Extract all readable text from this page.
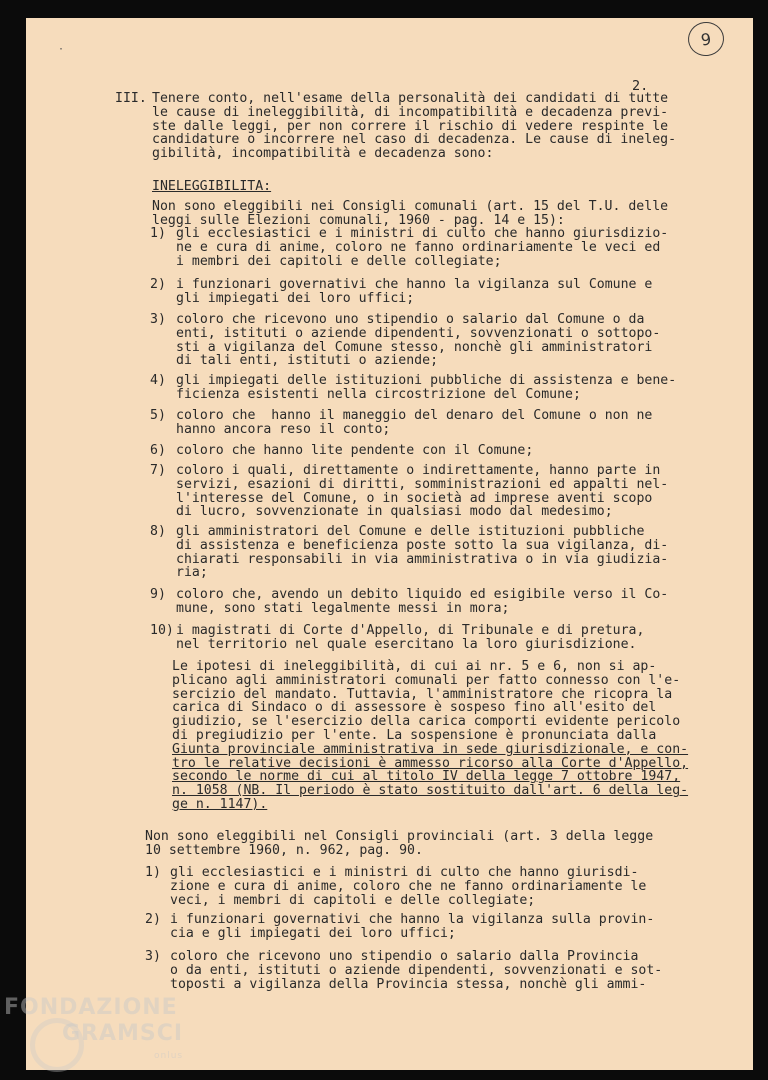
9
2.
·
III. Tenere conto, nell'esame della personalità dei candidati di tutte
le cause di ineleggibilità, di incompatibilità e decadenza previ-
ste dalle leggi, per non correre il rischio di vedere respinte le
candidature o incorrere nel caso di decadenza. Le cause di ineleg-
gibilità, incompatibilità e decadenza sono:
INELEGGIBILITA:
Non sono eleggibili nei Consigli comunali (art. 15 del T.U. delle
leggi sulle Elezioni comunali, 1960 - pag. 14 e 15):
1) gli ecclesiastici e i ministri di culto che hanno giurisdizio-
ne e cura di anime, coloro ne fanno ordinariamente le veci ed
i membri dei capitoli e delle collegiate;
2) i funzionari governativi che hanno la vigilanza sul Comune e
gli impiegati dei loro uffici;
3) coloro che ricevono uno stipendio o salario dal Comune o da
enti, istituti o aziende dipendenti, sovvenzionati o sottopo-
sti a vigilanza del Comune stesso, nonchè gli amministratori
di tali enti, istituti o aziende;
4) gli impiegati delle istituzioni pubbliche di assistenza e bene-
ficienza esistenti nella circostrizione del Comune;
5) coloro che  hanno il maneggio del denaro del Comune o non ne
hanno ancora reso il conto;
6) coloro che hanno lite pendente con il Comune;
7) coloro i quali, direttamente o indirettamente, hanno parte in
servizi, esazioni di diritti, somministrazioni ed appalti nel-
l'interesse del Comune, o in società ad imprese aventi scopo
di lucro, sovvenzionate in qualsiasi modo dal medesimo;
8) gli amministratori del Comune e delle istituzioni pubbliche
di assistenza e beneficienza poste sotto la sua vigilanza, di-
chiarati responsabili in via amministrativa o in via giudizia-
ria;
9) coloro che, avendo un debito liquido ed esigibile verso il Co-
mune, sono stati legalmente messi in mora;
10) i magistrati di Corte d'Appello, di Tribunale e di pretura,
nel territorio nel quale esercitano la loro giurisdizione.
Le ipotesi di ineleggibilità, di cui ai nr. 5 e 6, non si ap-
plicano agli amministratori comunali per fatto connesso con l'e-
sercizio del mandato. Tuttavia, l'amministratore che ricopra la
carica di Sindaco o di assessore è sospeso fino all'esito del
giudizio, se l'esercizio della carica comporti evidente pericolo
di pregiudizio per l'ente. La sospensione è pronunciata dalla
Giunta provinciale amministrativa in sede giurisdizionale, e con-
tro le relative decisioni è ammesso ricorso alla Corte d'Appello,
secondo le norme di cui al titolo IV della legge 7 ottobre 1947,
n. 1058 (NB. Il periodo è stato sostituito dall'art. 6 della leg-
ge n. 1147).
Non sono eleggibili nel Consigli provinciali (art. 3 della legge
10 settembre 1960, n. 962, pag. 90.
1) gli ecclesiastici e i ministri di culto che hanno giurisdi-
zione e cura di anime, coloro che ne fanno ordinariamente le
veci, i membri di capitoli e delle collegiate;
2) i funzionari governativi che hanno la vigilanza sulla provin-
cia e gli impiegati dei loro uffici;
3) coloro che ricevono uno stipendio o salario dalla Provincia
o da enti, istituti o aziende dipendenti, sovvenzionati e sot-
toposti a vigilanza della Provincia stessa, nonchè gli ammi-
FONDAZIONE
GRAMSCI
onlus
